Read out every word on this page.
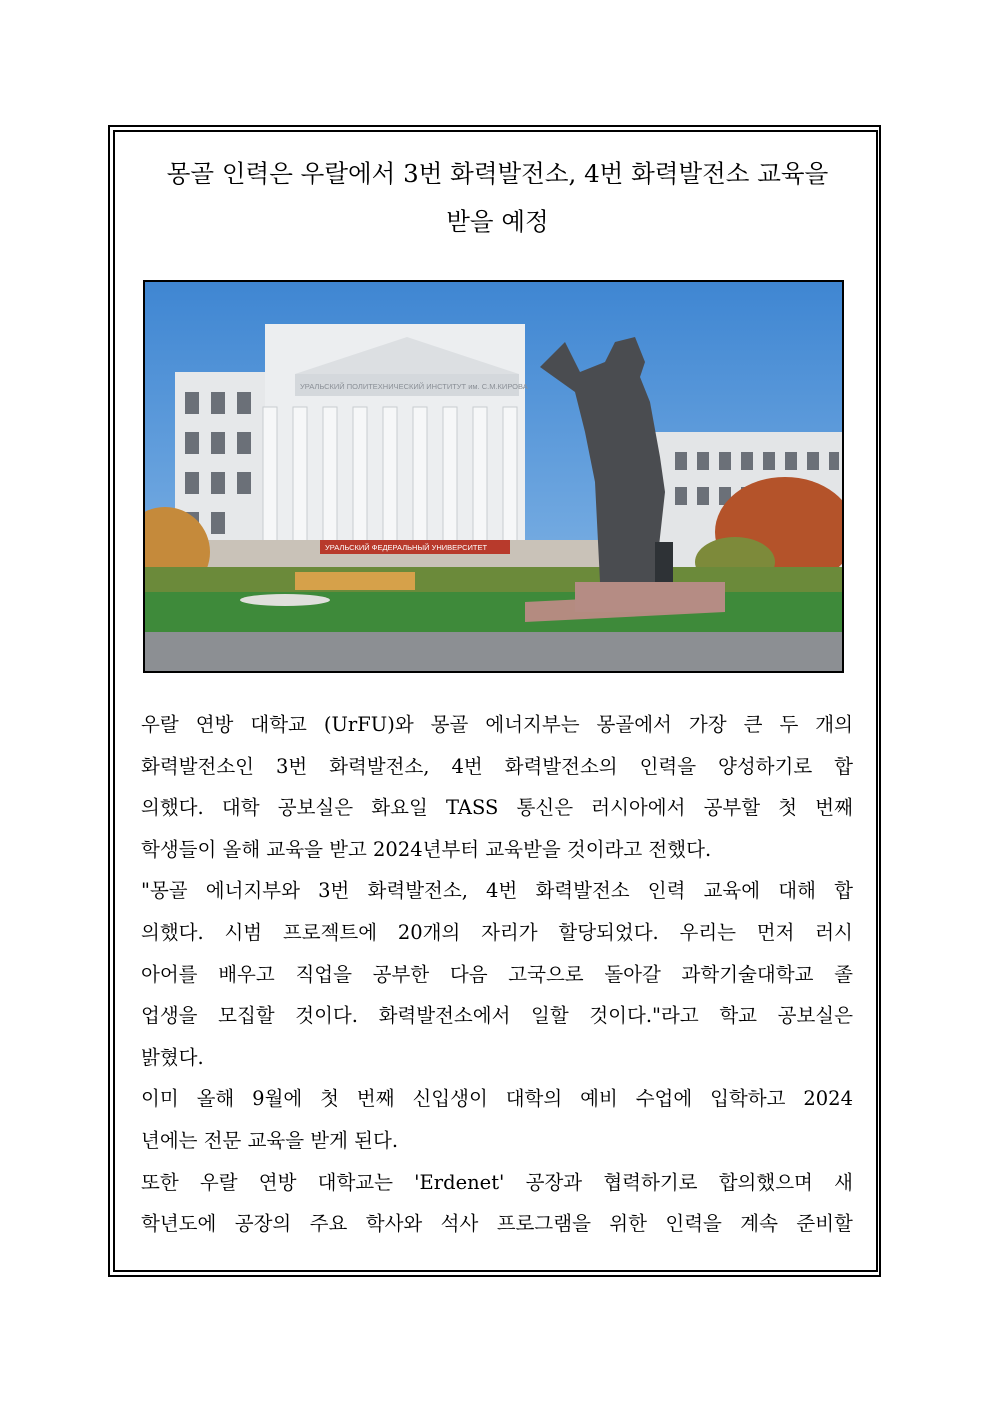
몽골 인력은 우랄에서 3번 화력발전소, 4번 화력발전소 교육을
받을 예정
УРАЛЬСКИЙ ПОЛИТЕХНИЧЕСКИЙ ИНСТИТУТ им. С.М.КИРОВА
УРАЛЬСКИЙ ФЕДЕРАЛЬНЫЙ УНИВЕРСИТЕТ
우랄 연방 대학교 (UrFU)와 몽골 에너지부는 몽골에서 가장 큰 두 개의
화력발전소인 3번 화력발전소, 4번 화력발전소의 인력을 양성하기로 합
의했다. 대학 공보실은 화요일 TASS 통신은 러시아에서 공부할 첫 번째
학생들이 올해 교육을 받고 2024년부터 교육받을 것이라고 전했다.
"몽골 에너지부와 3번 화력발전소, 4번 화력발전소 인력 교육에 대해 합
의했다. 시범 프로젝트에 20개의 자리가 할당되었다. 우리는 먼저 러시
아어를 배우고 직업을 공부한 다음 고국으로 돌아갈 과학기술대학교 졸
업생을 모집할 것이다. 화력발전소에서 일할 것이다."라고 학교 공보실은
밝혔다.
이미 올해 9월에 첫 번째 신입생이 대학의 예비 수업에 입학하고 2024
년에는 전문 교육을 받게 된다.
또한 우랄 연방 대학교는 'Erdenet' 공장과 협력하기로 합의했으며 새
학년도에 공장의 주요 학사와 석사 프로그램을 위한 인력을 계속 준비할
